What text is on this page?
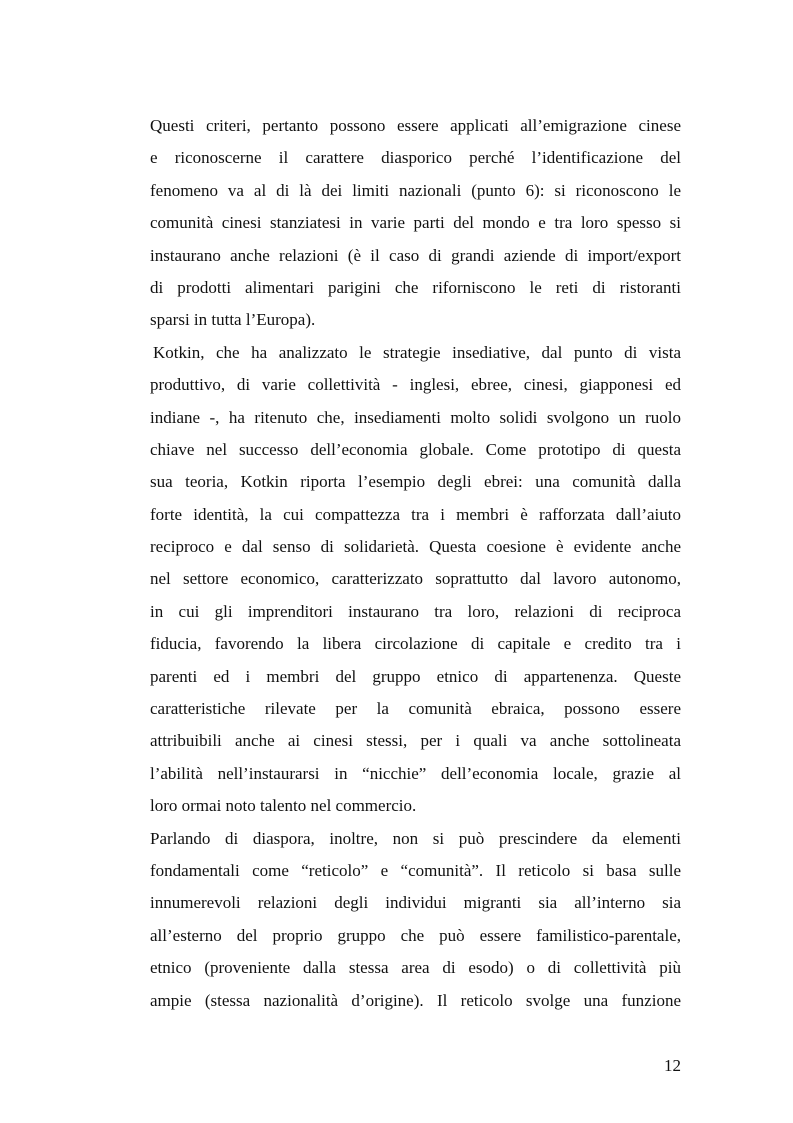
Questi criteri, pertanto possono essere applicati all’emigrazione cinese
e riconoscerne il carattere diasporico perché l’identificazione del
fenomeno va al di là dei limiti nazionali (punto 6): si riconoscono le
comunità cinesi stanziatesi in varie parti del mondo e tra loro spesso si
instaurano anche relazioni (è il caso di grandi aziende di import/export
di prodotti alimentari parigini che riforniscono le reti di ristoranti
sparsi in tutta l’Europa).
Kotkin, che ha analizzato le strategie insediative, dal punto di vista
produttivo, di varie collettività - inglesi, ebree, cinesi, giapponesi ed
indiane -, ha ritenuto che, insediamenti molto solidi svolgono un ruolo
chiave nel successo dell’economia globale. Come prototipo di questa
sua teoria, Kotkin riporta l’esempio degli ebrei: una comunità dalla
forte identità, la cui compattezza tra i membri è rafforzata dall’aiuto
reciproco e dal senso di solidarietà. Questa coesione è evidente anche
nel settore economico, caratterizzato soprattutto dal lavoro autonomo,
in cui gli imprenditori instaurano tra loro, relazioni di reciproca
fiducia, favorendo la libera circolazione di capitale e credito tra i
parenti ed i membri del gruppo etnico di appartenenza. Queste
caratteristiche rilevate per la comunità ebraica, possono essere
attribuibili anche ai cinesi stessi, per i quali va anche sottolineata
l’abilità nell’instaurarsi in “nicchie” dell’economia locale, grazie al
loro ormai noto talento nel commercio.
Parlando di diaspora, inoltre, non si può prescindere da elementi
fondamentali come “reticolo” e “comunità”. Il reticolo si basa sulle
innumerevoli relazioni degli individui migranti sia all’interno sia
all’esterno del proprio gruppo che può essere familistico-parentale,
etnico (proveniente dalla stessa area di esodo) o di collettività più
ampie (stessa nazionalità d’origine). Il reticolo svolge una funzione
12
